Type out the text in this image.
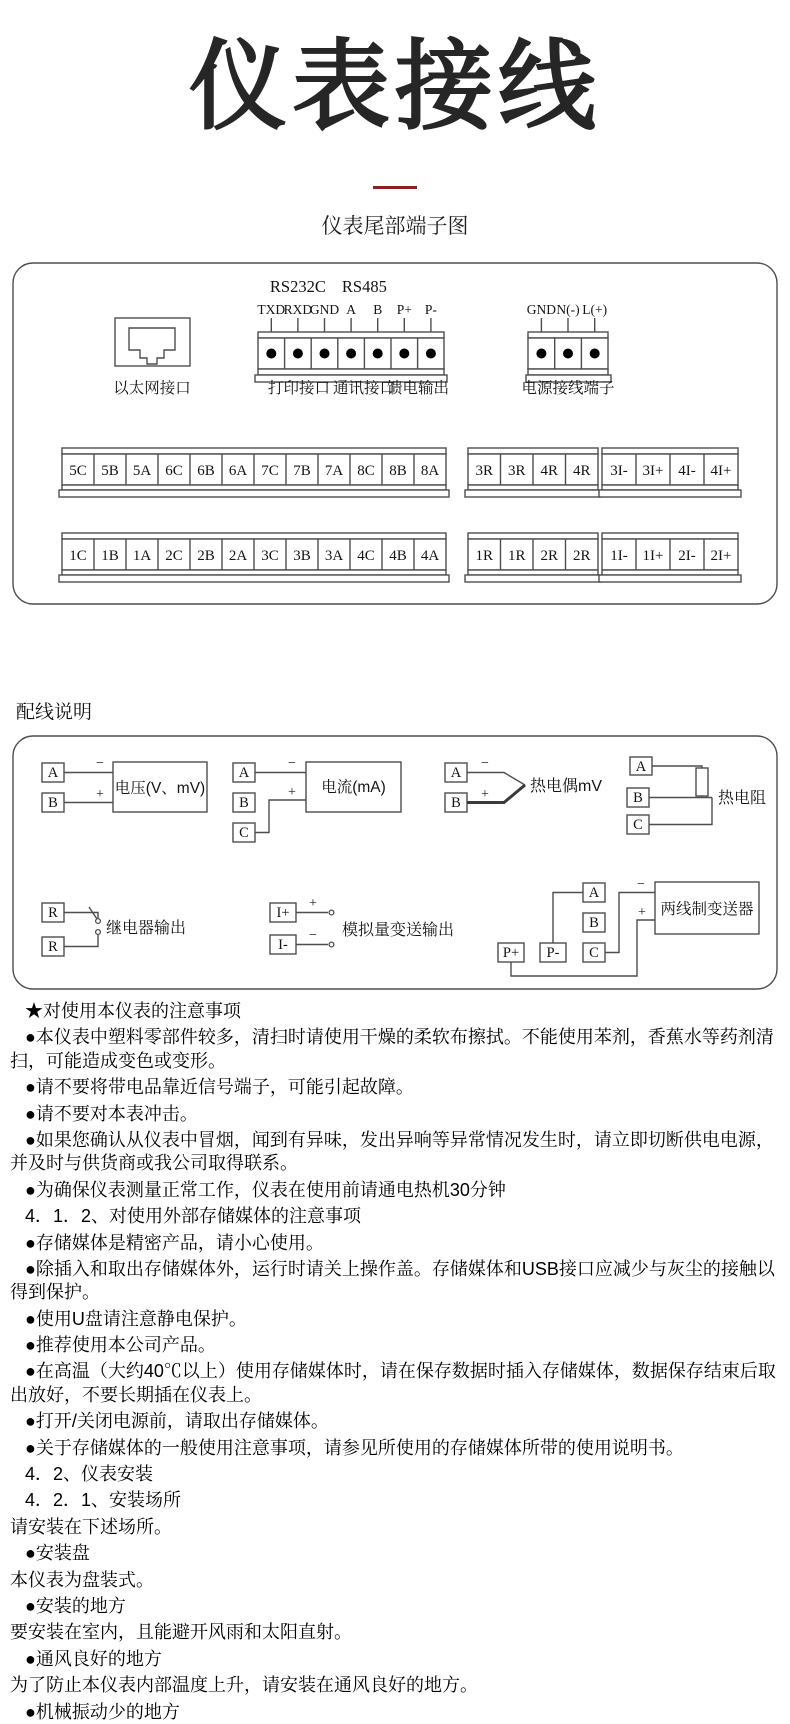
仪表接线
仪表尾部端子图
以太网接口
RS232C RS485
TXD
RXD
GND A B P+ P-
打印接口 通讯接口
馈电输出
GND N(-) L(+)
电源接线端子
5C 5B 5A 6C 6B 6A 7C 7B 7A 8C 8B 8A 3R 3R 4R 4R 3I- 3I+ 4I- 4I+
1C 1B 1A 2C 2B 2A 3C 3B 3A 4C 4B 4A 1R 1R 2R 2R 1I- 1I+ 2I- 2I+
配线说明
A
B
−
+ 电压(V、mV)
A
B
C
−
+ 电流(mA)
A
B
−
+	热电偶mV
A
B
C
热电阻
R
R
继电器输出
I+
I-
+
− 模拟量变送输出
A
B
C
P+ P-
−
+ 两线制变送器

★对使用本仪表的注意事项

●本仪表中塑料零部件较多，清扫时请使用干燥的柔软布擦拭。不能使用苯剂，香蕉水等药剂清扫，可能造成变色或变形。

●请不要将带电品靠近信号端子，可能引起故障。

●请不要对本表冲击。

●如果您确认从仪表中冒烟，闻到有异味，发出异响等异常情况发生时，请立即切断供电电源，并及时与供货商或我公司取得联系。

●为确保仪表测量正常工作，仪表在使用前请通电热机30分钟

4．1．2、对使用外部存储媒体的注意事项

●存储媒体是精密产品，请小心使用。

●除插入和取出存储媒体外，运行时请关上操作盖。存储媒体和USB接口应减少与灰尘的接触以得到保护。

●使用U盘请注意静电保护。

●推荐使用本公司产品。

●在高温（大约40℃以上）使用存储媒体时，请在保存数据时插入存储媒体，数据保存结束后取出放好，不要长期插在仪表上。

●打开/关闭电源前，请取出存储媒体。

●关于存储媒体的一般使用注意事项，请参见所使用的存储媒体所带的使用说明书。

4．2、仪表安装

4．2．1、安装场所

请安装在下述场所。

●安装盘

本仪表为盘装式。

●安装的地方

要安装在室内，且能避开风雨和太阳直射。

●通风良好的地方

为了防止本仪表内部温度上升，请安装在通风良好的地方。

●机械振动少的地方
